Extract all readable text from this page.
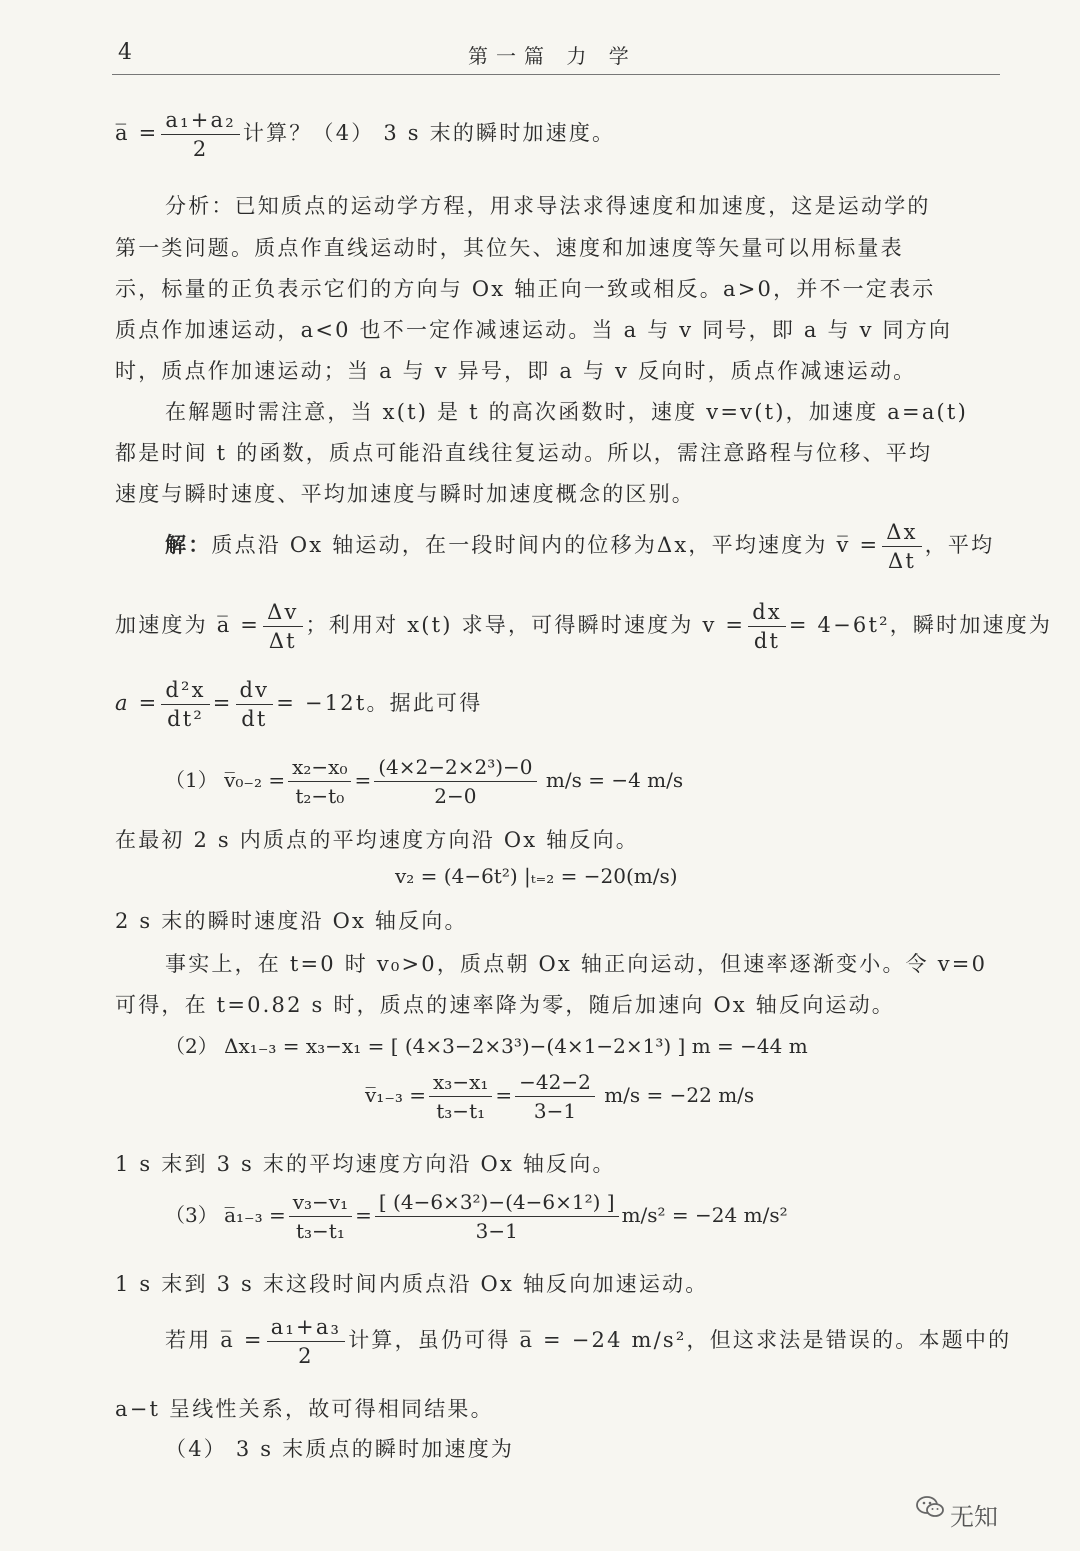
4	第一篇 力 学
a̅ = $\frac{\text{a₁+a₂}}{2}$ 计算？（4） 3 s 末的瞬时加速度。
分析：已知质点的运动学方程，用求导法求得速度和加速度，这是运动学的
第一类问题。质点作直线运动时，其位矢、速度和加速度等矢量可以用标量表
示，标量的正负表示它们的方向与 Ox 轴正向一致或相反。a>0，并不一定表示
质点作加速运动，a<0 也不一定作减速运动。当 a 与 v 同号，即 a 与 v 同方向
时，质点作加速运动；当 a 与 v 异号，即 a 与 v 反向时，质点作减速运动。
在解题时需注意，当 x(t) 是 t 的高次函数时，速度 v=v(t)，加速度 a=a(t)
都是时间 t 的函数，质点可能沿直线往复运动。所以，需注意路程与位移、平均
速度与瞬时速度、平均加速度与瞬时加速度概念的区别。
解：质点沿 Ox 轴运动，在一段时间内的位移为Δx，平均速度为 v̅ = $\frac{\Delta x}{\Delta t}$ ，平均
加速度为 a̅ = $\frac{\Delta v}{\Delta t}$ ；利用对 x(t) 求导，可得瞬时速度为 $v = \frac{dx}{dt} = 4-6t^2$，瞬时加速度为
$a = \frac{\text{d²x}}{\text{dt²}} = \frac{dv}{dt} = -12t$。据此可得
（1） v̅₀₋₂ = $\frac{\text{x₂−x₀}}{\text{t₂−t₀}} = \frac{\text{(4×2−2×2³)−0}}{2-0} m/s = -4$ m/s
在最初 2 s 内质点的平均速度方向沿 Ox 轴反向。
v₂ = (4−6t²) |ₜ₌₂ = −20(m/s)
2 s 末的瞬时速度沿 Ox 轴反向。
事实上，在 t=0 时 v₀>0，质点朝 Ox 轴正向运动，但速率逐渐变小。令 v=0
可得，在 t=0.82 s 时，质点的速率降为零，随后加速向 Ox 轴反向运动。
（2） Δx₁₋₃ = x₃−x₁ = [ (4×3−2×3³)−(4×1−2×1³) ] m = −44 m
v̅₁₋₃ = $\frac{\text{x₃−x₁}}{\text{t₃−t₁}} = \frac{-42-2}{3-1} m/s = -22$ m/s
1 s 末到 3 s 末的平均速度方向沿 Ox 轴反向。
（3） a̅₁₋₃ = $\frac{\text{v₃−v₁}}{\text{t₃−t₁}} = \frac{\text{[ (4−6×3²)−(4−6×1²) ]}}{3-1} m/s^2 = -24$ m/s²
1 s 末到 3 s 末这段时间内质点沿 Ox 轴反向加速运动。
若用 a̅ = $\frac{\text{a₁+a₃}}{2}$ 计算，虽仍可得 a̅ = −24 m/s²，但这求法是错误的。本题中的
a−t 呈线性关系，故可得相同结果。
（4） 3 s 末质点的瞬时加速度为
无知
